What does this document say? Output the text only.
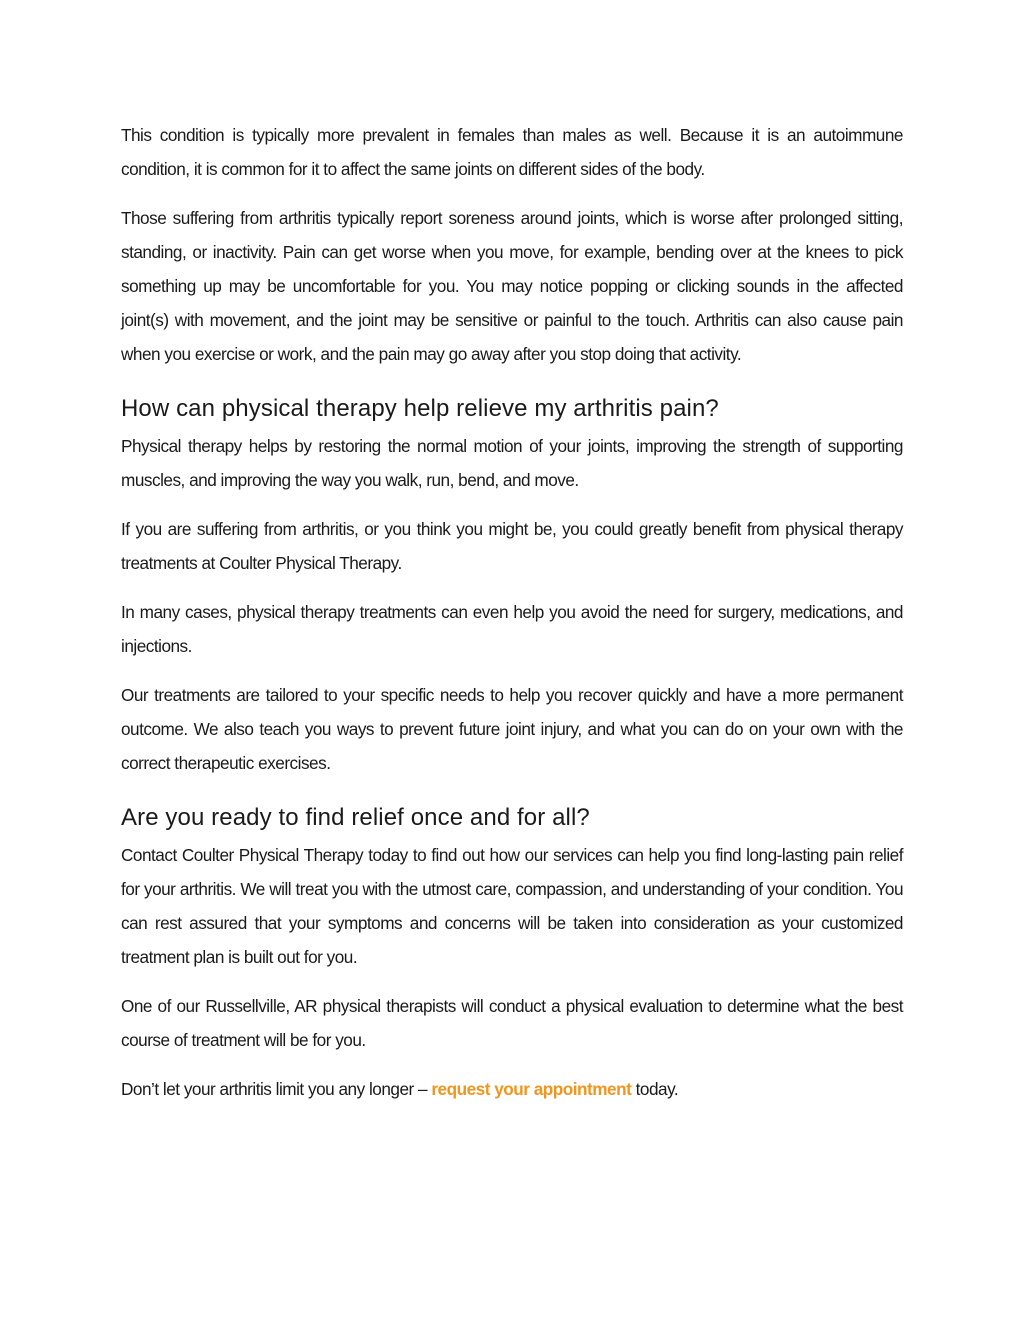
This condition is typically more prevalent in females than males as well. Because it is an autoimmune condition, it is common for it to affect the same joints on different sides of the body.

Those suffering from arthritis typically report soreness around joints, which is worse after prolonged sitting, standing, or inactivity. Pain can get worse when you move, for example, bending over at the knees to pick something up may be uncomfortable for you. You may notice popping or clicking sounds in the affected joint(s) with movement, and the joint may be sensitive or painful to the touch. Arthritis can also cause pain when you exercise or work, and the pain may go away after you stop doing that activity.

How can physical therapy help relieve my arthritis pain?

Physical therapy helps by restoring the normal motion of your joints, improving the strength of supporting muscles, and improving the way you walk, run, bend, and move.

If you are suffering from arthritis, or you think you might be, you could greatly benefit from physical therapy treatments at Coulter Physical Therapy.

In many cases, physical therapy treatments can even help you avoid the need for surgery, medications, and injections.

Our treatments are tailored to your specific needs to help you recover quickly and have a more permanent outcome. We also teach you ways to prevent future joint injury, and what you can do on your own with the correct therapeutic exercises.

Are you ready to find relief once and for all?

Contact Coulter Physical Therapy today to find out how our services can help you find long-lasting pain relief for your arthritis. We will treat you with the utmost care, compassion, and understanding of your condition. You can rest assured that your symptoms and concerns will be taken into consideration as your customized treatment plan is built out for you.

One of our Russellville, AR physical therapists will conduct a physical evaluation to determine what the best course of treatment will be for you.

Don’t let your arthritis limit you any longer – request your appointment today.
